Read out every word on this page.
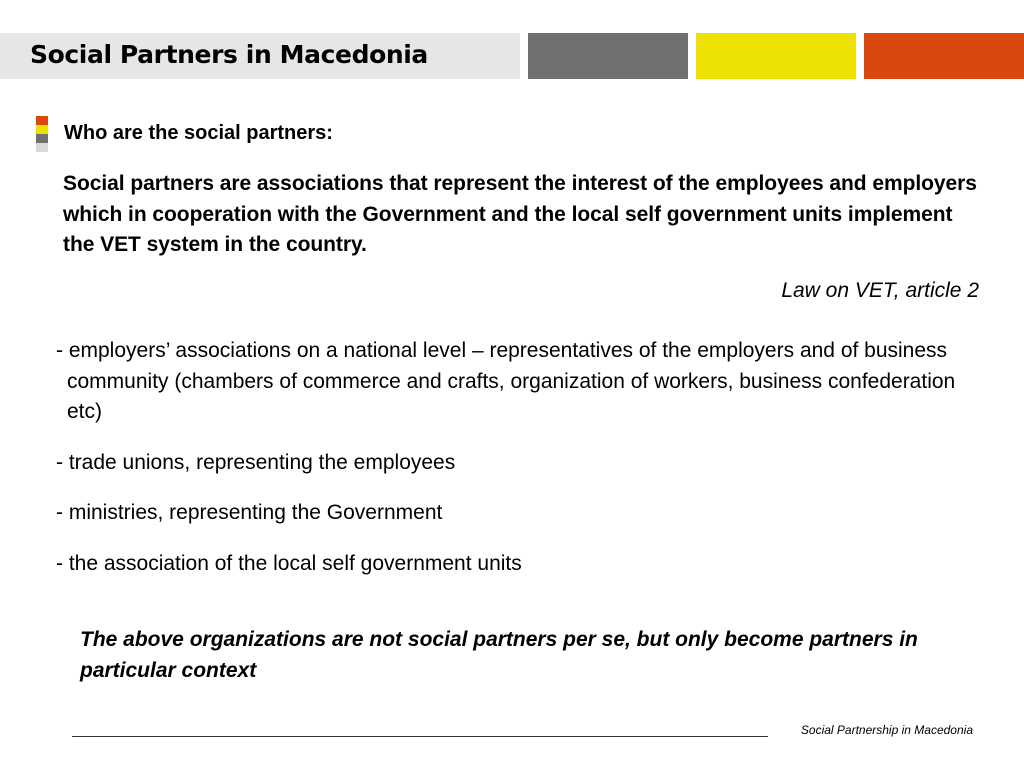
Social Partners in Macedonia
Who are the social partners:
Social partners are associations that represent the interest of the employees and employers which in cooperation with the Government and the local self government units implement the VET system in the country.
Law on VET, article 2
- employers’ associations on a national level – representatives of the employers and of business community (chambers of commerce and crafts, organization of workers, business confederation etc)
- trade unions, representing the employees
- ministries, representing the Government
- the association of the local self government units
The above organizations are not social partners per se, but only become partners in particular context
Social Partnership in Macedonia
